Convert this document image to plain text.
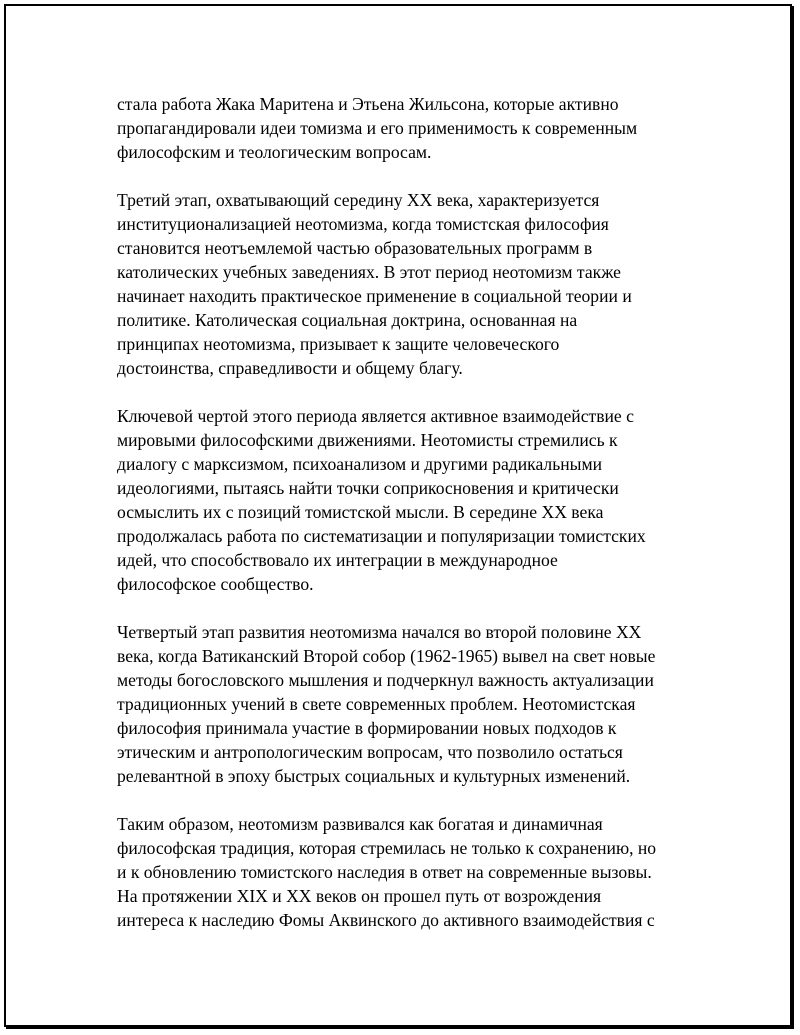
стала работа Жака Маритена и Этьена Жильсона, которые активно
пропагандировали идеи томизма и его применимость к современным
философским и теологическим вопросам.

Третий этап, охватывающий середину XX века, характеризуется
институционализацией неотомизма, когда томистская философия
становится неотъемлемой частью образовательных программ в
католических учебных заведениях. В этот период неотомизм также
начинает находить практическое применение в социальной теории и
политике. Католическая социальная доктрина, основанная на
принципах неотомизма, призывает к защите человеческого
достоинства, справедливости и общему благу.

Ключевой чертой этого периода является активное взаимодействие с
мировыми философскими движениями. Неотомисты стремились к
диалогу с марксизмом, психоанализом и другими радикальными
идеологиями, пытаясь найти точки соприкосновения и критически
осмыслить их с позиций томистской мысли. В середине XX века
продолжалась работа по систематизации и популяризации томистских
идей, что способствовало их интеграции в международное
философское сообщество.

Четвертый этап развития неотомизма начался во второй половине XX
века, когда Ватиканский Второй собор (1962-1965) вывел на свет новые
методы богословского мышления и подчеркнул важность актуализации
традиционных учений в свете современных проблем. Неотомистская
философия принимала участие в формировании новых подходов к
этическим и антропологическим вопросам, что позволило остаться
релевантной в эпоху быстрых социальных и культурных изменений.

Таким образом, неотомизм развивался как богатая и динамичная
философская традиция, которая стремилась не только к сохранению, но
и к обновлению томистского наследия в ответ на современные вызовы.
На протяжении XIX и XX веков он прошел путь от возрождения
интереса к наследию Фомы Аквинского до активного взаимодействия с
